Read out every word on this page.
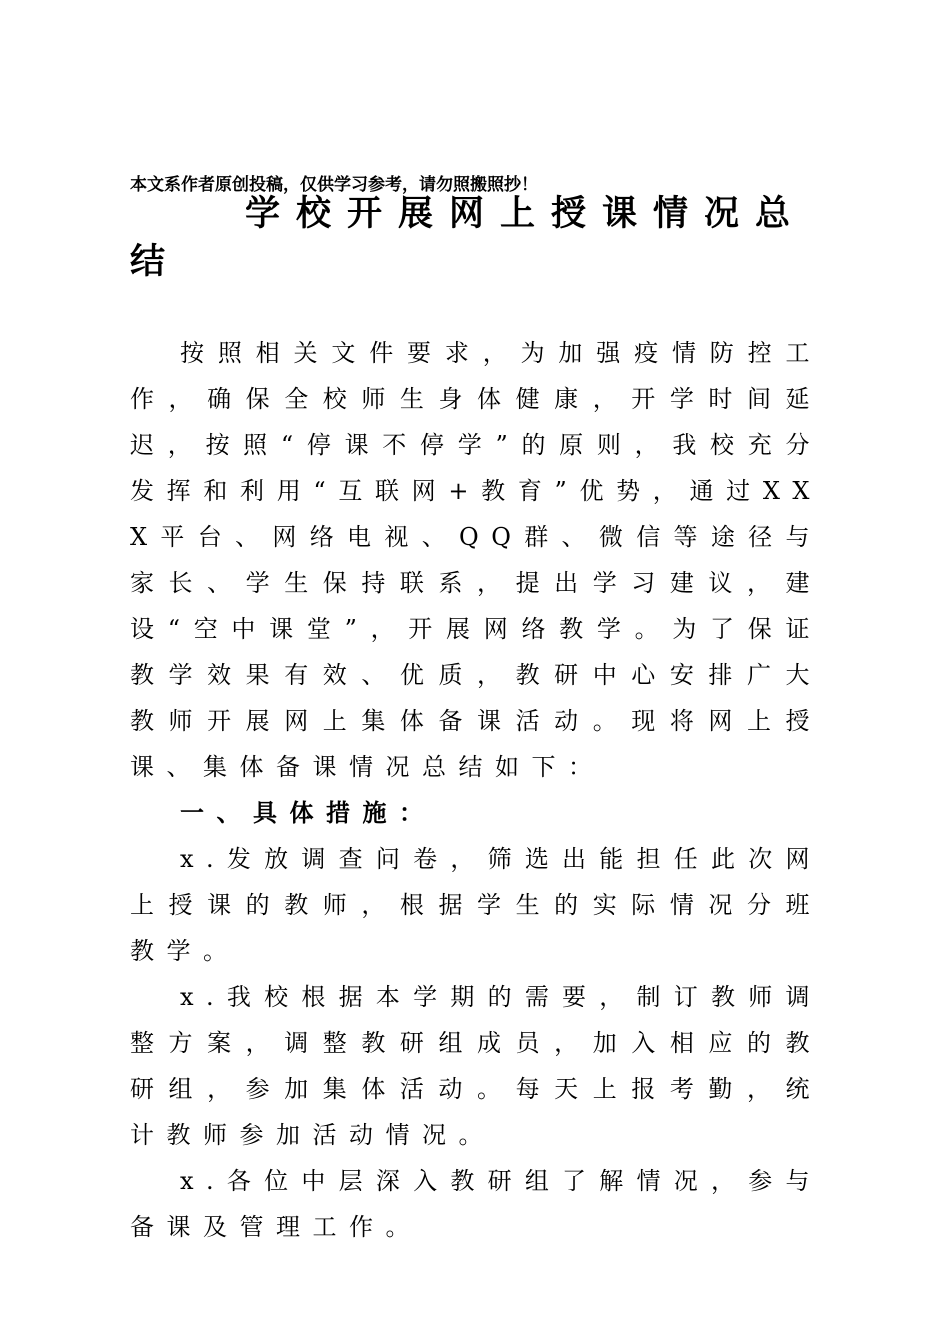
本文系作者原创投稿，仅供学习参考，请勿照搬照抄！
学校开展网上授课情况总结

按照相关文件要求，为加强疫情防控工作，确保全校师生身体健康，开学时间延迟，按照“停课不停学”的原则，我校充分发挥和利用“互联网+教育”优势，通过XXX平台、网络电视、QQ群、微信等途径与家长、学生保持联系，提出学习建议，建设“空中课堂”，开展网络教学。为了保证教学效果有效、优质，教研中心安排广大教师开展网上集体备课活动。现将网上授课、集体备课情况总结如下：

一、具体措施：

x.发放调查问卷，筛选出能担任此次网上授课的教师，根据学生的实际情况分班教学。

x.我校根据本学期的需要，制订教师调整方案，调整教研组成员，加入相应的教研组，参加集体活动。每天上报考勤，统计教师参加活动情况。

x.各位中层深入教研组了解情况，参与备课及管理工作。
